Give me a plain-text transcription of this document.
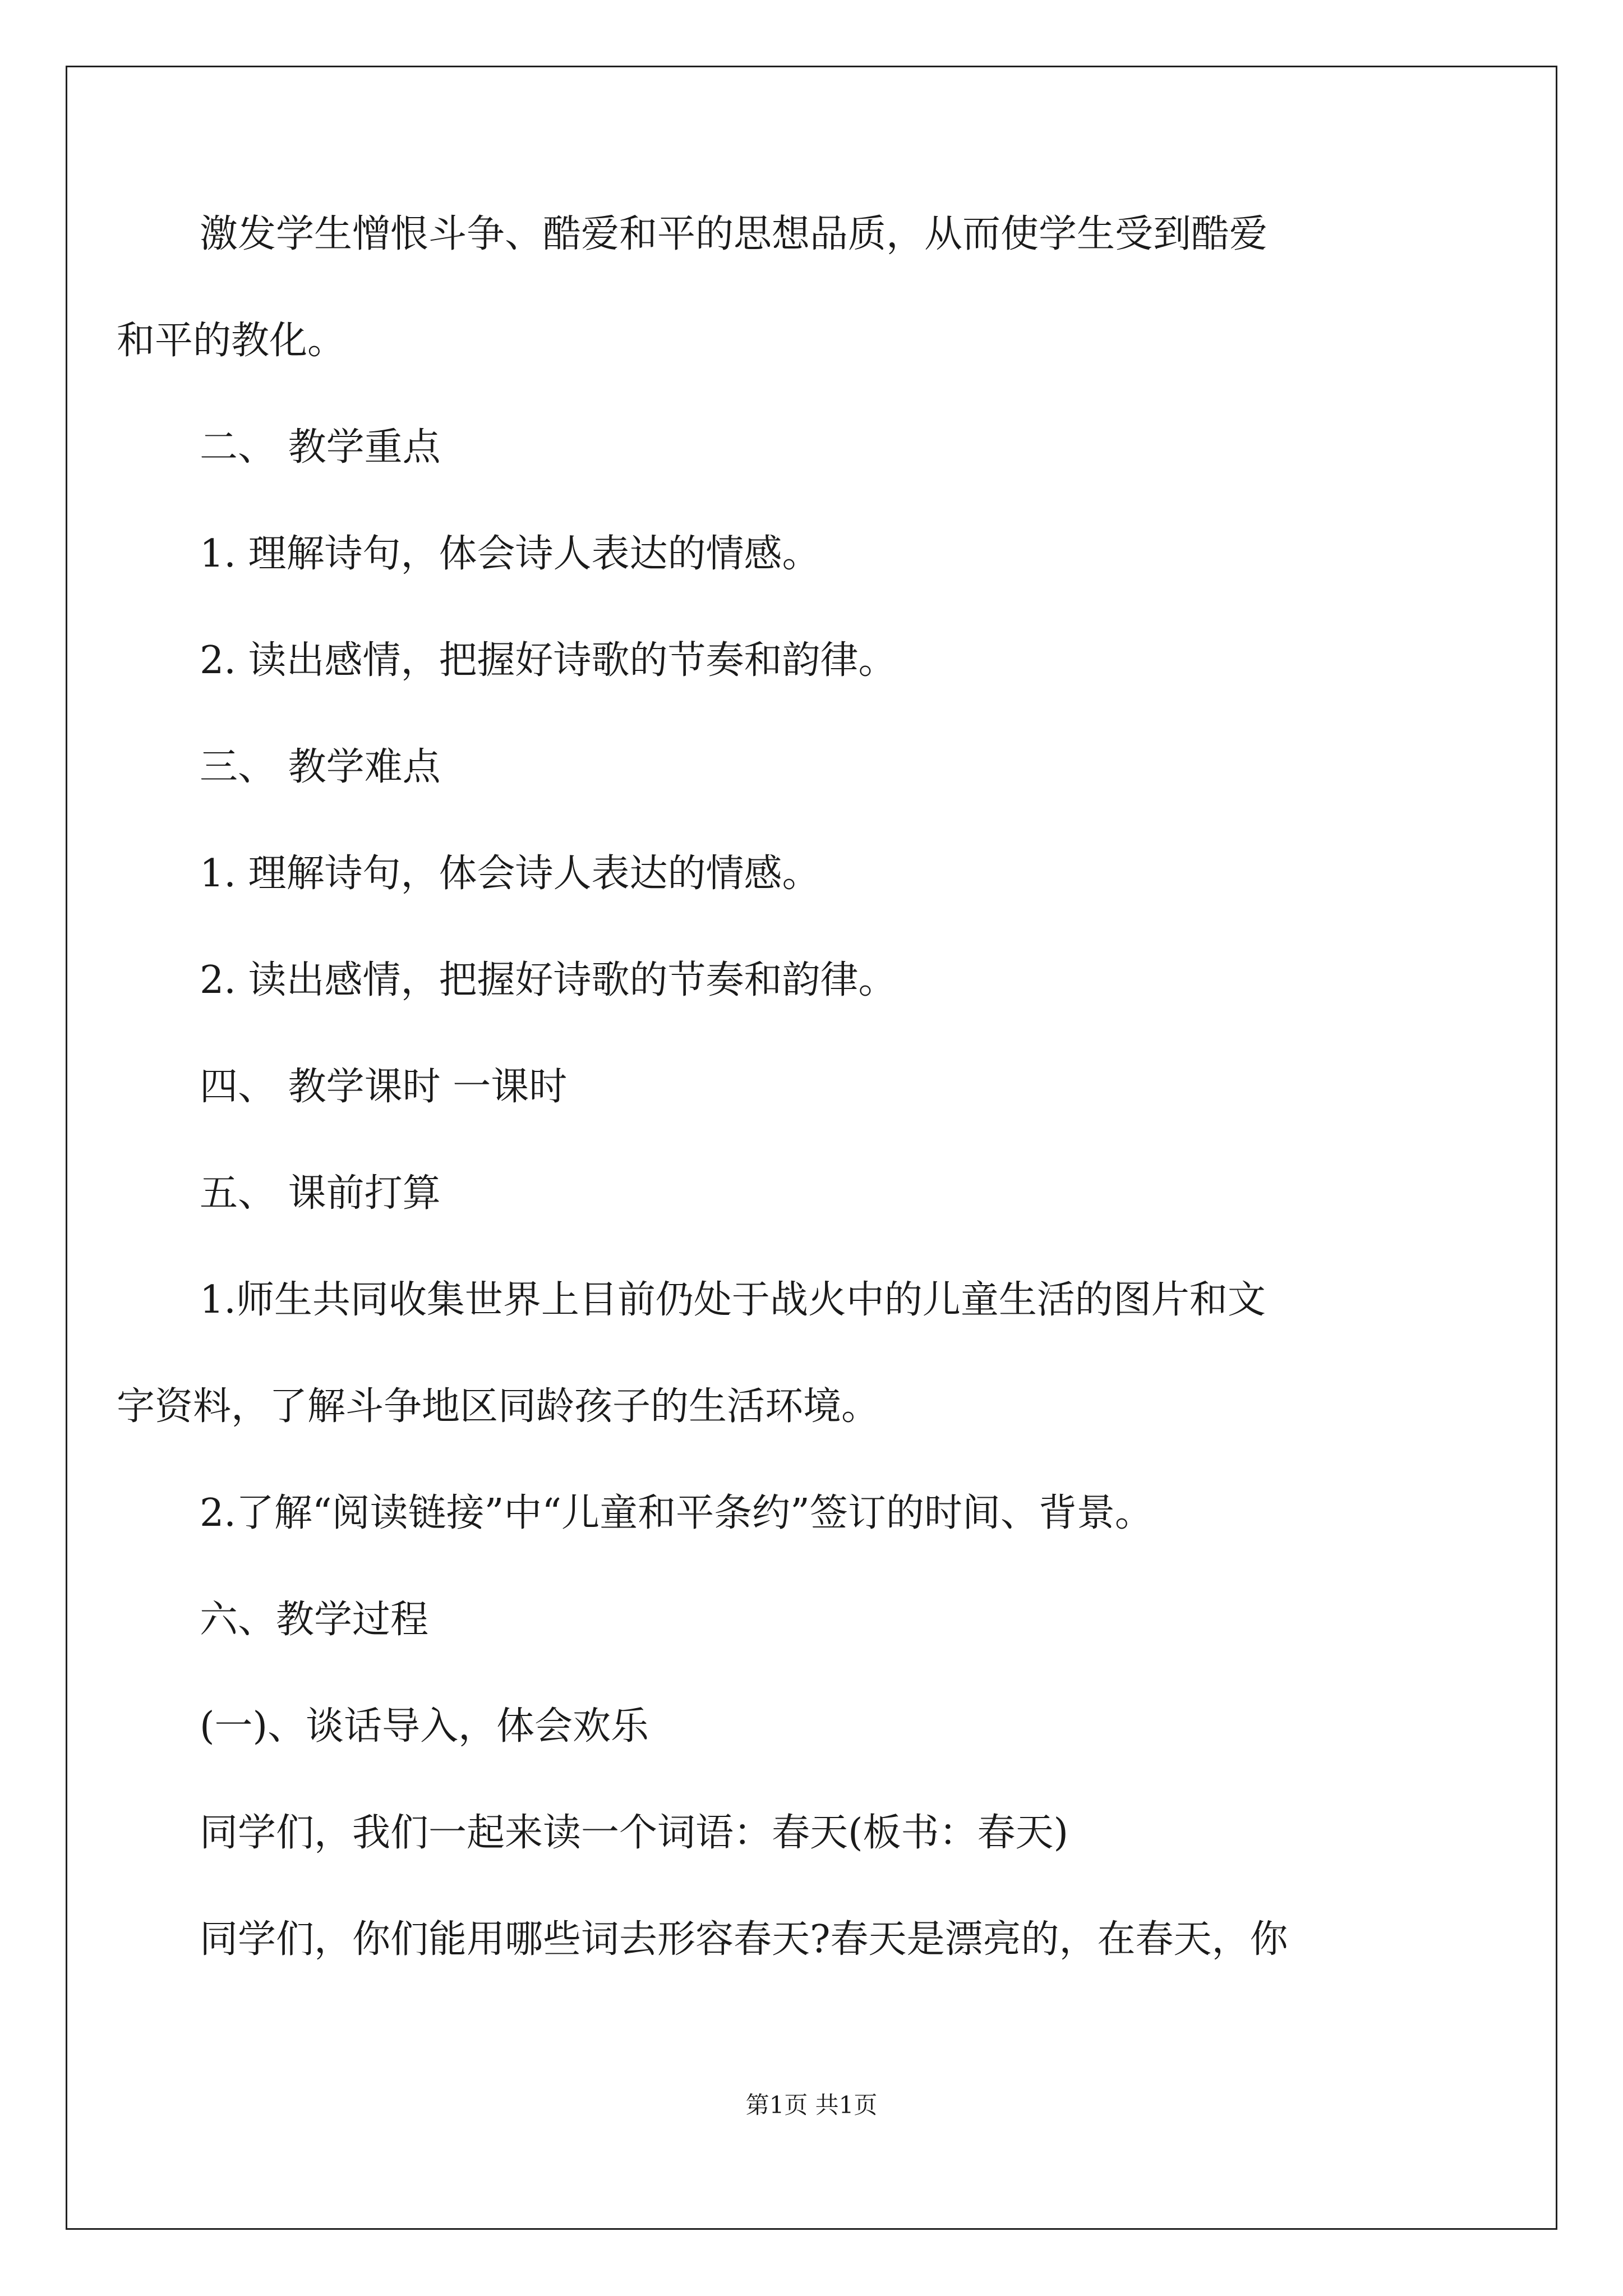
激发学生憎恨斗争、酷爱和平的思想品质，从而使学生受到酷爱
和平的教化。
二、 教学重点
1. 理解诗句，体会诗人表达的情感。
2. 读出感情，把握好诗歌的节奏和韵律。
三、 教学难点
1. 理解诗句，体会诗人表达的情感。
2. 读出感情，把握好诗歌的节奏和韵律。
四、 教学课时 一课时
五、 课前打算
1.师生共同收集世界上目前仍处于战火中的儿童生活的图片和文
字资料，了解斗争地区同龄孩子的生活环境。
2.了解“阅读链接”中“儿童和平条约”签订的时间、背景。
六、教学过程
(一)、谈话导入，体会欢乐
同学们，我们一起来读一个词语：春天(板书：春天)
同学们，你们能用哪些词去形容春天?春天是漂亮的，在春天，你
第1页 共1页
